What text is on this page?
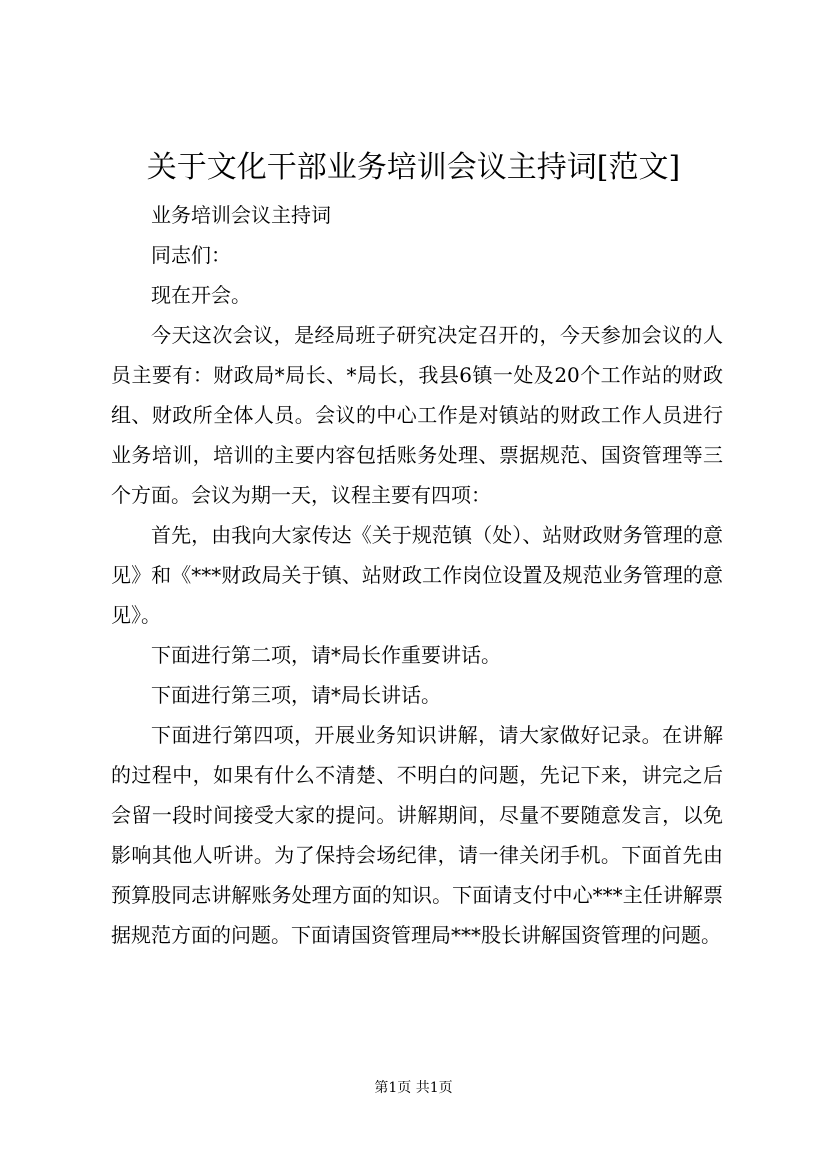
关于文化干部业务培训会议主持词[范文]

业务培训会议主持词

同志们：

现在开会。

今天这次会议，是经局班子研究决定召开的，今天参加会议的人员主要有：财政局*局长、*局长，我县6镇一处及20个工作站的财政组、财政所全体人员。会议的中心工作是对镇站的财政工作人员进行业务培训，培训的主要内容包括账务处理、票据规范、国资管理等三个方面。会议为期一天，议程主要有四项：

首先，由我向大家传达《关于规范镇（处）、站财政财务管理的意见》和《***财政局关于镇、站财政工作岗位设置及规范业务管理的意见》。

下面进行第二项，请*局长作重要讲话。

下面进行第三项，请*局长讲话。

下面进行第四项，开展业务知识讲解，请大家做好记录。在讲解的过程中，如果有什么不清楚、不明白的问题，先记下来，讲完之后会留一段时间接受大家的提问。讲解期间，尽量不要随意发言，以免影响其他人听讲。为了保持会场纪律，请一律关闭手机。下面首先由预算股同志讲解账务处理方面的知识。下面请支付中心***主任讲解票据规范方面的问题。下面请国资管理局***股长讲解国资管理的问题。

第1页 共1页
